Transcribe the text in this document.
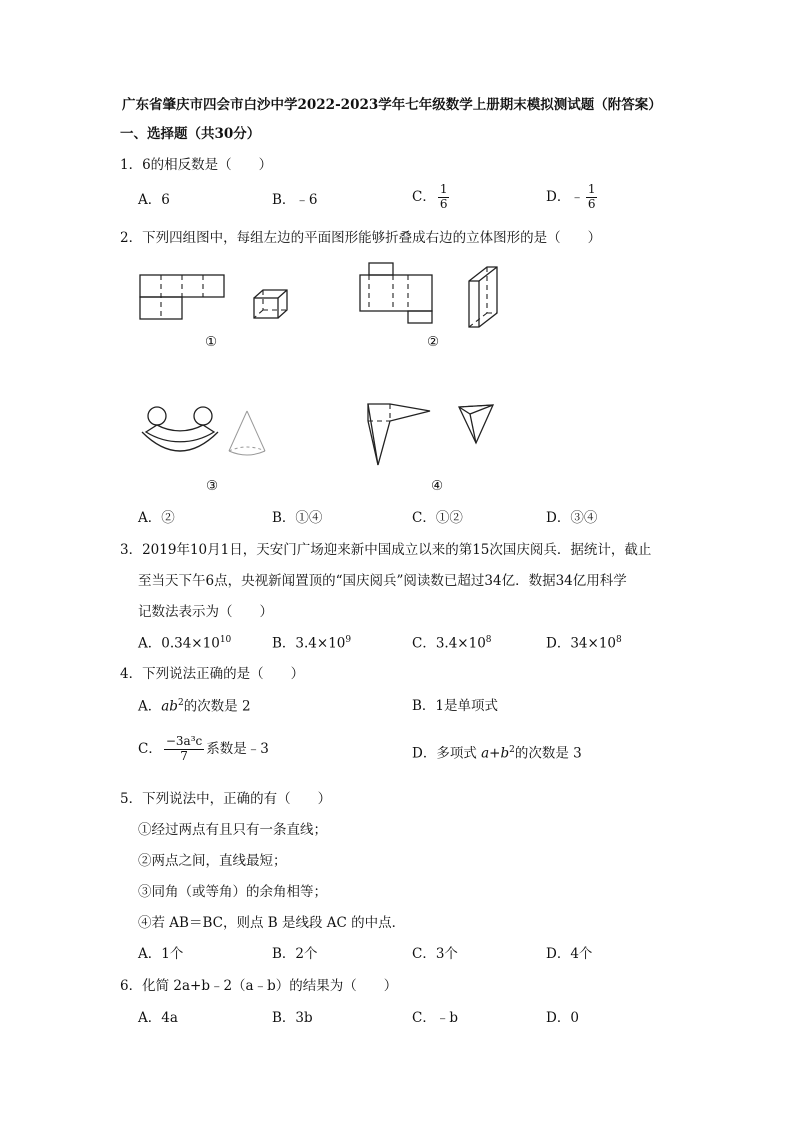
广东省肇庆市四会市白沙中学2022-2023学年七年级数学上册期末模拟测试题（附答案）
一、选择题（共30分）
1．6的相反数是（　　）
A．6	B．﹣6	C． $\frac{1}{6}$	D．﹣ $\frac{1}{6}$
2．下列四组图中，每组左边的平面图形能够折叠成右边的立体图形的是（　　）
①	②
③	④
A．②	B．①④	C．①②	D．③④
3．2019年10月1日，天安门广场迎来新中国成立以来的第15次国庆阅兵．据统计，截止
至当天下午6点，央视新闻置顶的“国庆阅兵”阅读数已超过34亿．数据34亿用科学
记数法表示为（　　）
A．$0.34\times 10^{10}$	B．$3.4\times 10^9$	C．$3.4\times 10^8$	D．$34\times 10^8$
4．下列说法正确的是（　　）
A．$ab^2$的次数是 2	B．1是单项式
C． $\frac{\text{−3a³c}}{7}$ 系数是﹣3	D．多项式 $a+b^2$的次数是 3
5．下列说法中，正确的有（　　）
①经过两点有且只有一条直线；
②两点之间，直线最短；
③同角（或等角）的余角相等；
④若 AB＝BC，则点 B 是线段 AC 的中点．
A．1个	B．2个	C．3个	D．4个
6．化简 2a+b﹣2（a﹣b）的结果为（　　）
A．4a	B．3b	C．﹣b	D．0
